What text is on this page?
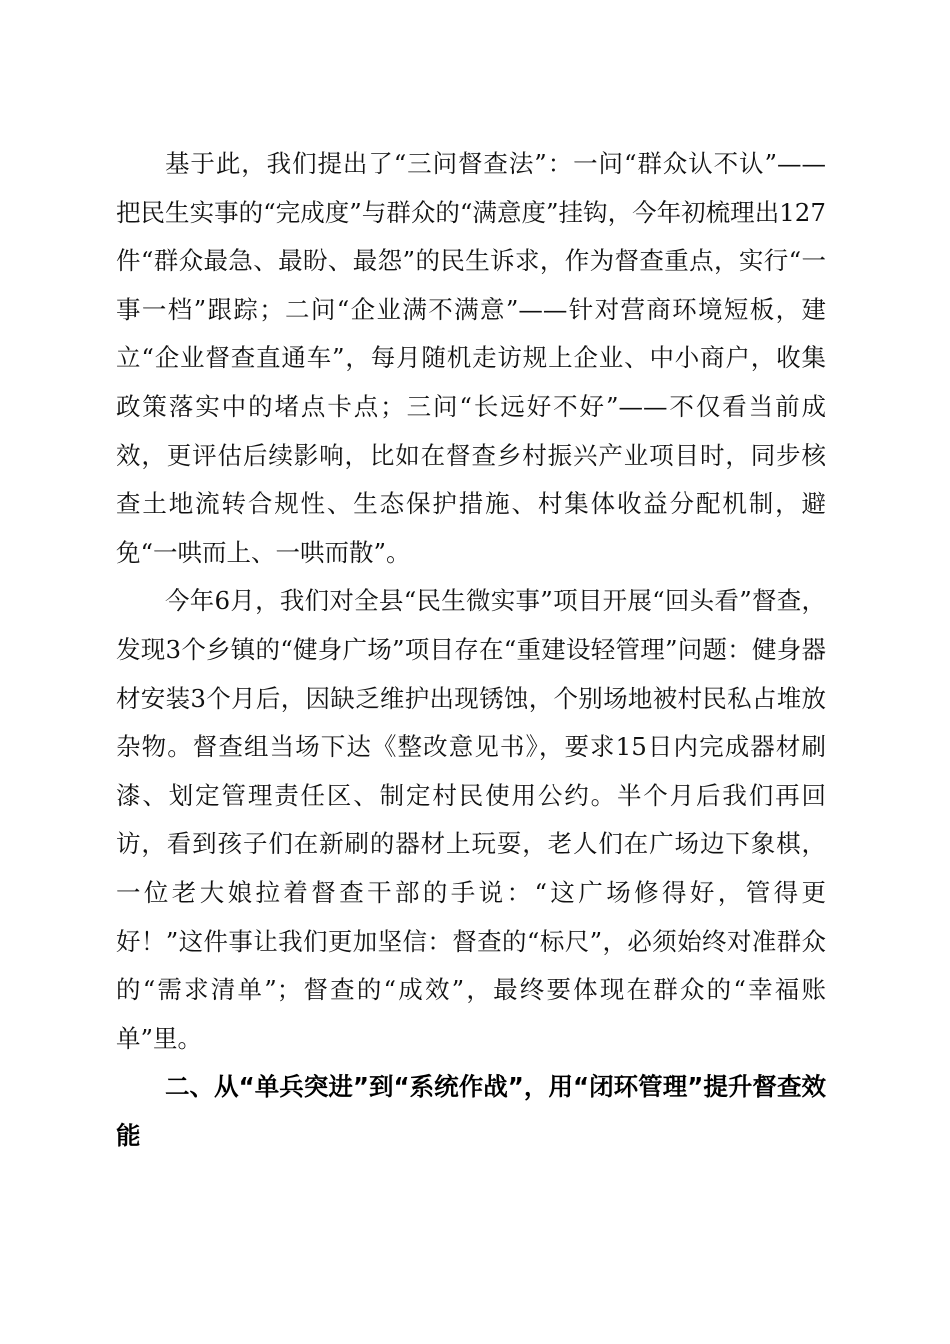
基于此，我们提出了“三问督查法”：一问“群众认不认”——把民生实事的“完成度”与群众的“满意度”挂钩，今年初梳理出127件“群众最急、最盼、最怨”的民生诉求，作为督查重点，实行“一事一档”跟踪；二问“企业满不满意”——针对营商环境短板，建立“企业督查直通车”，每月随机走访规上企业、中小商户，收集政策落实中的堵点卡点；三问“长远好不好”——不仅看当前成效，更评估后续影响，比如在督查乡村振兴产业项目时，同步核查土地流转合规性、生态保护措施、村集体收益分配机制，避免“一哄而上、一哄而散”。

今年6月，我们对全县“民生微实事”项目开展“回头看”督查，发现3个乡镇的“健身广场”项目存在“重建设轻管理”问题：健身器材安装3个月后，因缺乏维护出现锈蚀，个别场地被村民私占堆放杂物。督查组当场下达《整改意见书》，要求15日内完成器材刷漆、划定管理责任区、制定村民使用公约。半个月后我们再回访，看到孩子们在新刷的器材上玩耍，老人们在广场边下象棋，一位老大娘拉着督查干部的手说：“这广场修得好，管得更好！”这件事让我们更加坚信：督查的“标尺”，必须始终对准群众的“需求清单”；督查的“成效”，最终要体现在群众的“幸福账单”里。

二、从“单兵突进”到“系统作战”，用“闭环管理”提升督查效能
